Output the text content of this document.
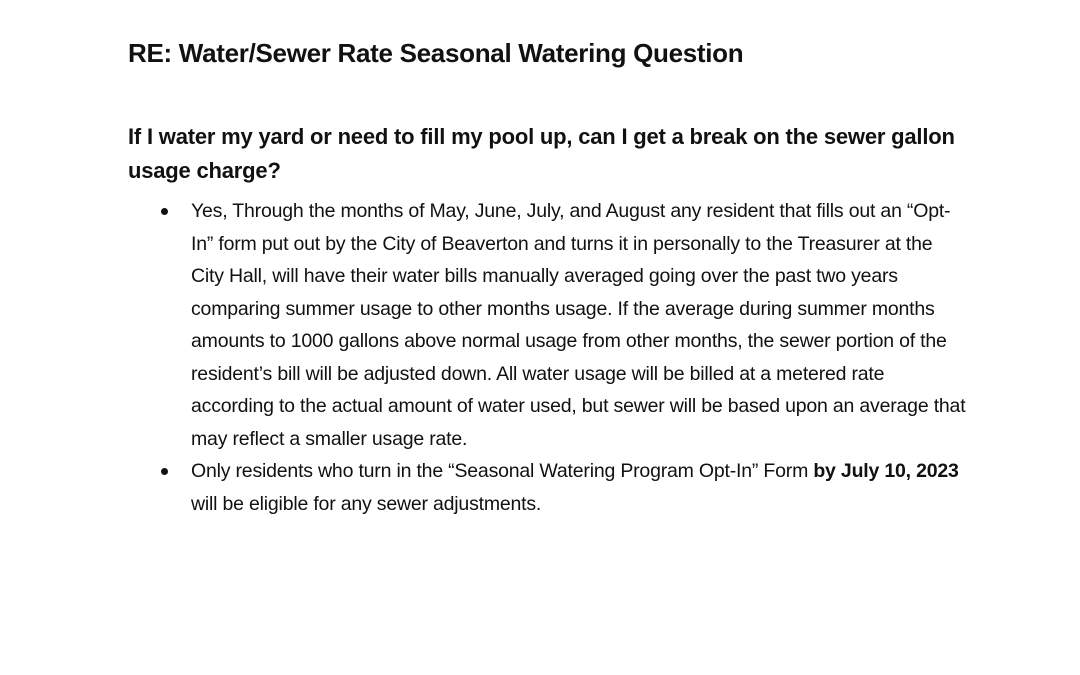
RE: Water/Sewer Rate Seasonal Watering Question

If I water my yard or need to fill my pool up, can I get a break on the sewer gallon usage charge?

Yes, Through the months of May, June, July, and August any resident that fills out an “Opt-In” form put out by the City of Beaverton and turns it in personally to the Treasurer at the City Hall, will have their water bills manually averaged going over the past two years comparing summer usage to other months usage. If the average during summer months amounts to 1000 gallons above normal usage from other months, the sewer portion of the resident’s bill will be adjusted down. All water usage will be billed at a metered rate according to the actual amount of water used, but sewer will be based upon an average that may reflect a smaller usage rate.
Only residents who turn in the “Seasonal Watering Program Opt-In” Form by July 10, 2023 will be eligible for any sewer adjustments.
